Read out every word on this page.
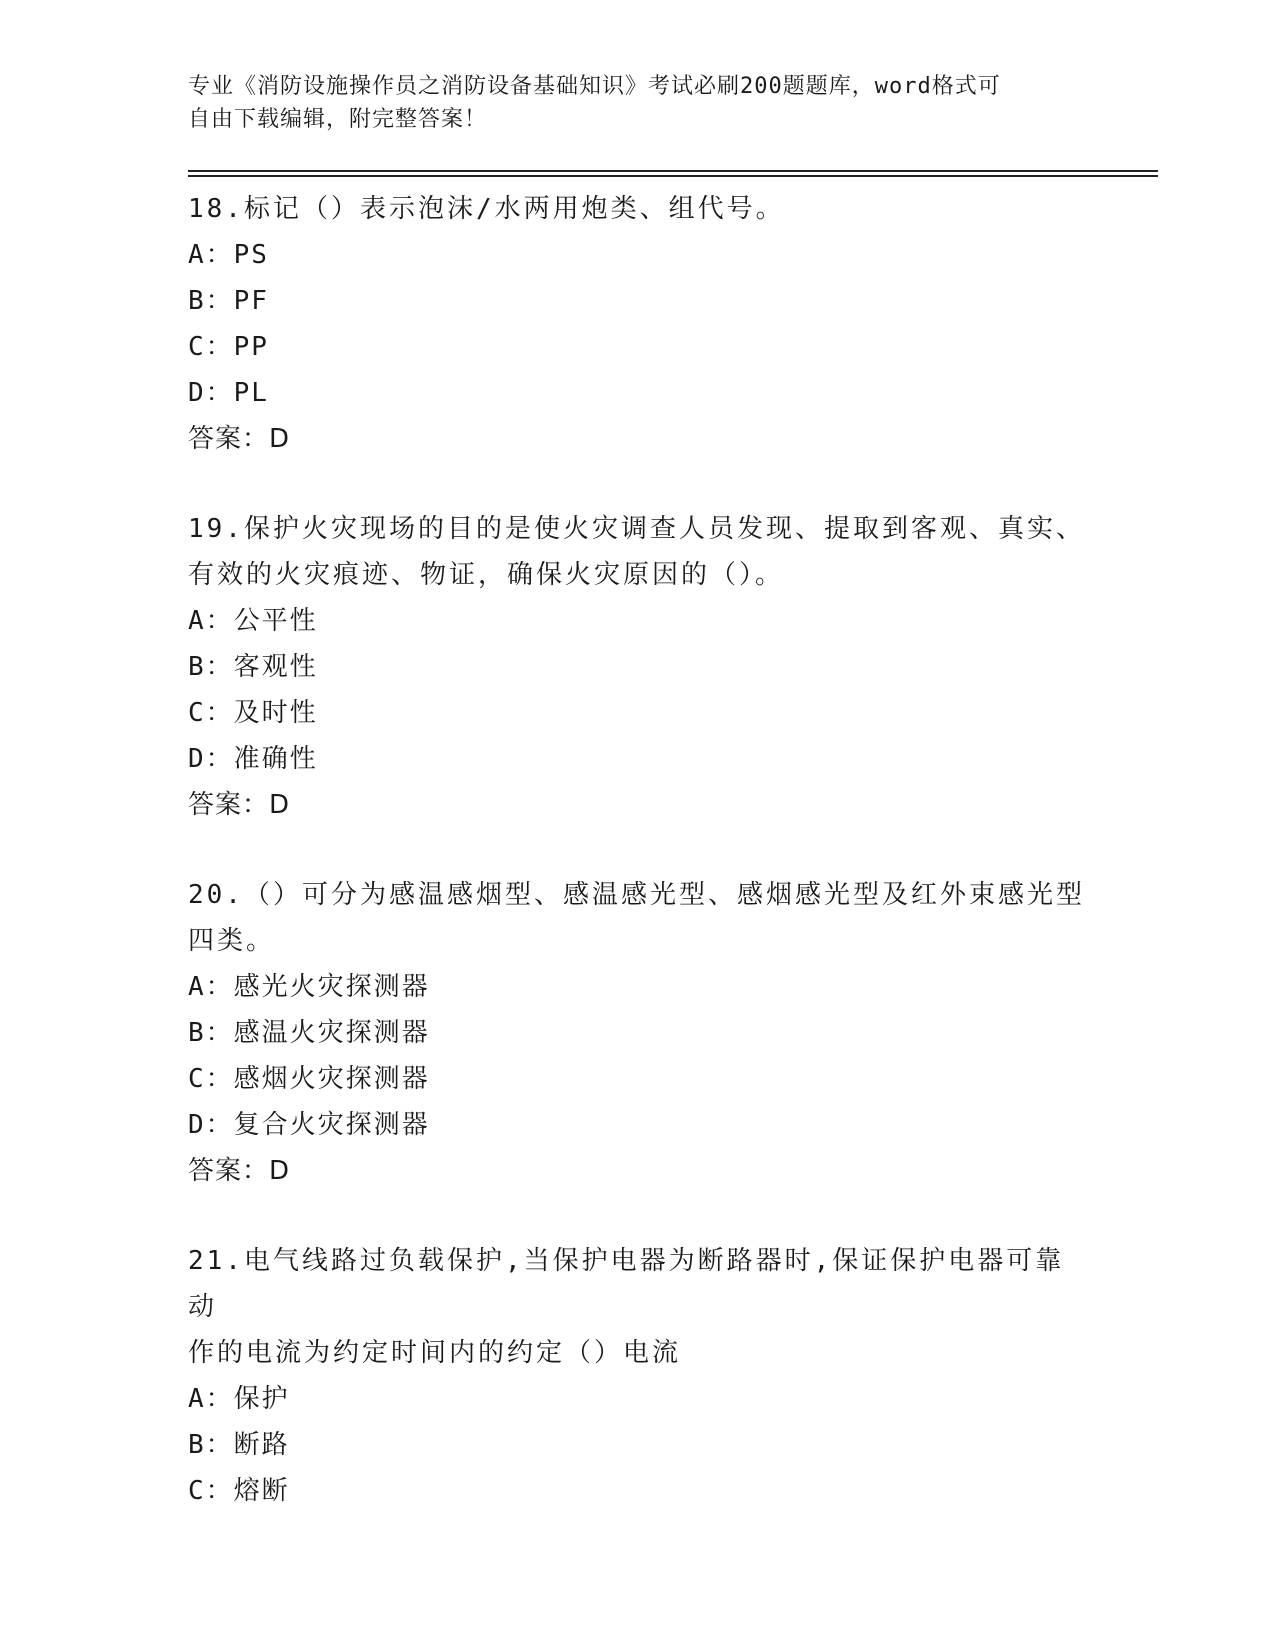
专业《消防设施操作员之消防设备基础知识》考试必刷200题题库，word格式可
自由下载编辑，附完整答案！
18.标记（）表示泡沫/水两用炮类、组代号。
A：PS
B：PF
C：PP
D：PL
答案：D
19.保护火灾现场的目的是使火灾调查人员发现、提取到客观、真实、
有效的火灾痕迹、物证，确保火灾原因的（）。
A：公平性
B：客观性
C：及时性
D：准确性
答案：D
20.（）可分为感温感烟型、感温感光型、感烟感光型及红外束感光型
四类。
A：感光火灾探测器
B：感温火灾探测器
C：感烟火灾探测器
D：复合火灾探测器
答案：D
21.电气线路过负载保护,当保护电器为断路器时,保证保护电器可靠动
作的电流为约定时间内的约定（）电流
A：保护
B：断路
C：熔断
